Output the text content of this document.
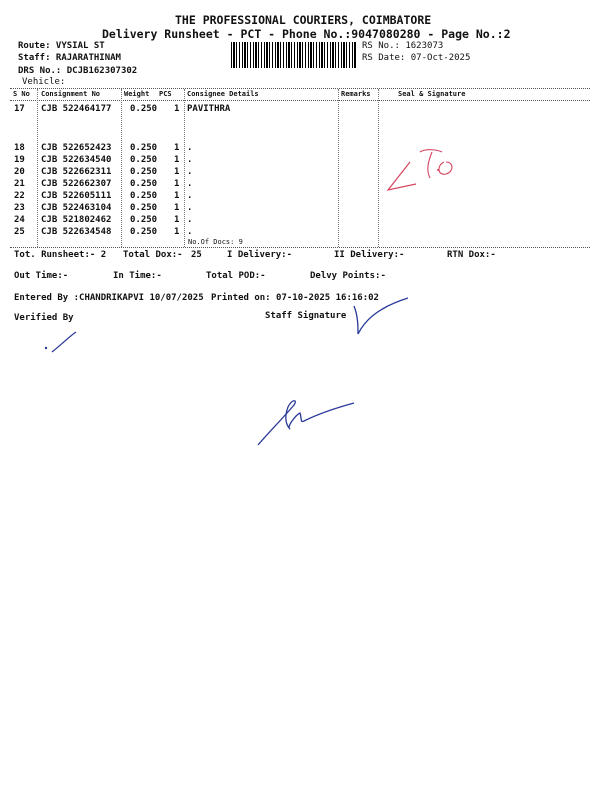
THE PROFESSIONAL COURIERS, COIMBATORE
Delivery Runsheet - PCT - Phone No.:9047080280 - Page No.:2
Route: VYSIAL ST
Staff: RAJARATHINAM
DRS No.: DCJB162307302
Vehicle:
RS No.: 1623073
RS Date: 07-Oct-2025
S No Consignment No	Weight PCS Consignee Details	Remarks	Seal & Signature
17 CJB 522464177 0.250 1 PAVITHRA
18 CJB 522652423 0.250 1 .
19 CJB 522634540 0.250 1 .
20 CJB 522662311 0.250 1 .
21 CJB 522662307 0.250 1 .
22 CJB 522605111 0.250 1 .
23 CJB 522463104 0.250 1 .
24 CJB 521802462 0.250 1 .
25 CJB 522634548 0.250 1 .
No.Of Docs: 9
Tot. Runsheet:- 2 Total Dox:- 25	I Delivery:-	II Delivery:-	RTN Dox:-
Out Time:-	In Time:-	Total POD:-	Delvy Points:-
Entered By :CHANDRIKAPVI 10/07/2025 Printed on: 07-10-2025 16:16:02
Verified By	Staff Signature
